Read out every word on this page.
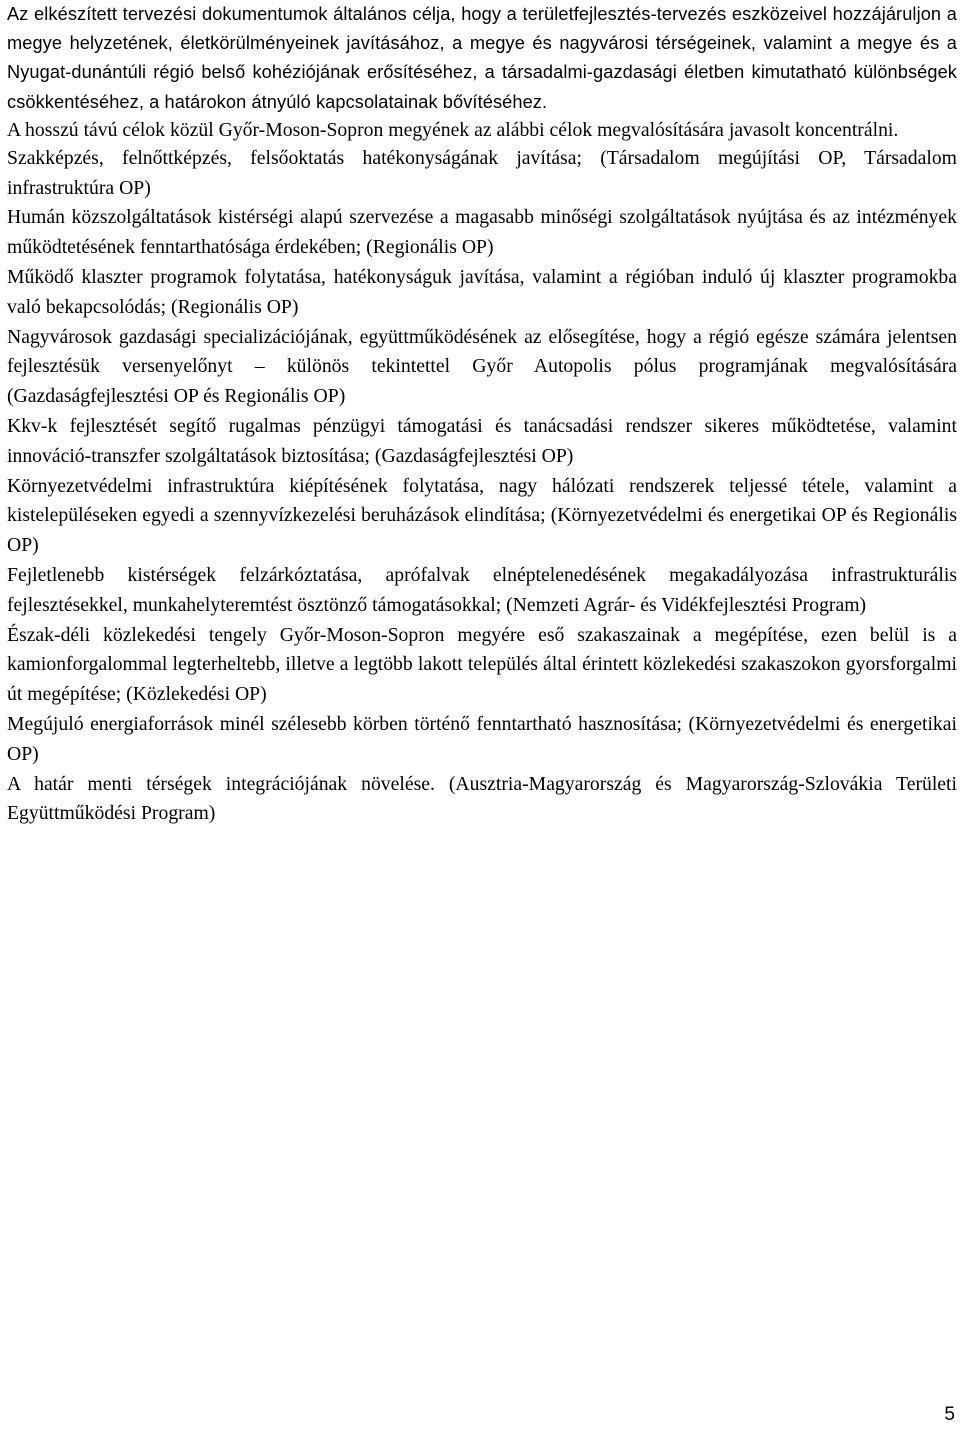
Az elkészített tervezési dokumentumok általános célja, hogy a területfejlesztés-tervezés eszközeivel hozzájáruljon a megye helyzetének, életkörülményeinek javításához, a megye és nagyvárosi térségeinek, valamint a megye és a Nyugat-dunántúli régió belső kohéziójának erősítéséhez, a társadalmi-gazdasági életben kimutatható különbségek csökkentéséhez, a határokon átnyúló kapcsolatainak bővítéséhez.

A hosszú távú célok közül Győr-Moson-Sopron megyének az alábbi célok megvalósítására javasolt koncentrálni.

Szakképzés, felnőttképzés, felsőoktatás hatékonyságának javítása; (Társadalom megújítási OP, Társadalom infrastruktúra OP)
Humán közszolgáltatások kistérségi alapú szervezése a magasabb minőségi szolgáltatások nyújtása és az intézmények működtetésének fenntarthatósága érdekében; (Regionális OP)
Működő klaszter programok folytatása, hatékonyságuk javítása, valamint a régióban induló új klaszter programokba való bekapcsolódás; (Regionális OP)
Nagyvárosok gazdasági specializációjának, együttműködésének az elősegítése, hogy a régió egésze számára jelentsen fejlesztésük versenyelőnyt – különös tekintettel Győr Autopolis pólus programjának megvalósítására (Gazdaságfejlesztési OP és Regionális OP)
Kkv-k fejlesztését segítő rugalmas pénzügyi támogatási és tanácsadási rendszer sikeres működtetése, valamint innováció-transzfer szolgáltatások biztosítása; (Gazdaságfejlesztési OP)
Környezetvédelmi infrastruktúra kiépítésének folytatása, nagy hálózati rendszerek teljessé tétele, valamint a kistelepüléseken egyedi a szennyvízkezelési beruházások elindítása; (Környezetvédelmi és energetikai OP és Regionális OP)
Fejletlenebb kistérségek felzárkóztatása, aprófalvak elnéptelenedésének megakadályozása infrastrukturális fejlesztésekkel, munkahelyteremtést ösztönző támogatásokkal; (Nemzeti Agrár- és Vidékfejlesztési Program)
Észak-déli közlekedési tengely Győr-Moson-Sopron megyére eső szakaszainak a megépítése, ezen belül is a kamionforgalommal legterheltebb, illetve a legtöbb lakott település által érintett közlekedési szakaszokon gyorsforgalmi út megépítése; (Közlekedési OP)
Megújuló energiaforrások minél szélesebb körben történő fenntartható hasznosítása; (Környezetvédelmi és energetikai OP)
A határ menti térségek integrációjának növelése. (Ausztria-Magyarország és Magyarország-Szlovákia Területi Együttműködési Program)
5
